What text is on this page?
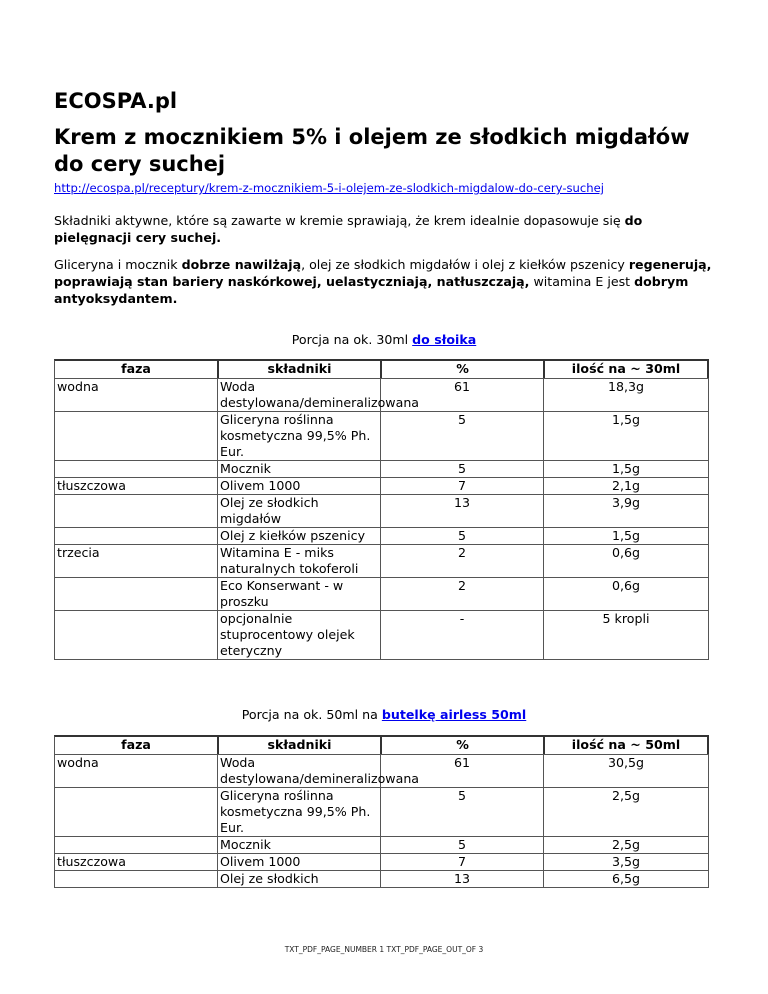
ECOSPA.pl
Krem z mocznikiem 5% i olejem ze słodkich migdałów do cery suchej
http://ecospa.pl/receptury/krem-z-mocznikiem-5-i-olejem-ze-slodkich-migdalow-do-cery-suchej

Składniki aktywne, które są zawarte w kremie sprawiają, że krem idealnie dopasowuje się do pielęgnacji cery suchej.

Gliceryna i mocznik dobrze nawilżają, olej ze słodkich migdałów i olej z kiełków pszenicy regenerują, poprawiają stan bariery naskórkowej, uelastyczniają, natłuszczają, witamina E jest dobrym antyoksydantem.

Porcja na ok. 30ml do słoika
faza	składniki	%	ilość na ~ 30ml
wodna	Woda destylowana/demineralizowana	61	18,3g
	Gliceryna roślinna kosmetyczna 99,5% Ph. Eur.	5	1,5g
	Mocznik	5	1,5g
tłuszczowa	Olivem 1000	7	2,1g
	Olej ze słodkich migdałów	13	3,9g
	Olej z kiełków pszenicy	5	1,5g
trzecia	Witamina E - miks naturalnych tokoferoli	2	0,6g
	Eco Konserwant - w proszku	2	0,6g
	opcjonalnie stuprocentowy olejek eteryczny	-	5 kropli
Porcja na ok. 50ml na butelkę airless 50ml
faza	składniki	%	ilość na ~ 50ml
wodna	Woda destylowana/demineralizowana	61	30,5g
	Gliceryna roślinna kosmetyczna 99,5% Ph. Eur.	5	2,5g
	Mocznik	5	2,5g
tłuszczowa	Olivem 1000	7	3,5g
	Olej ze słodkich	13	6,5g
TXT_PDF_PAGE_NUMBER 1 TXT_PDF_PAGE_OUT_OF 3
